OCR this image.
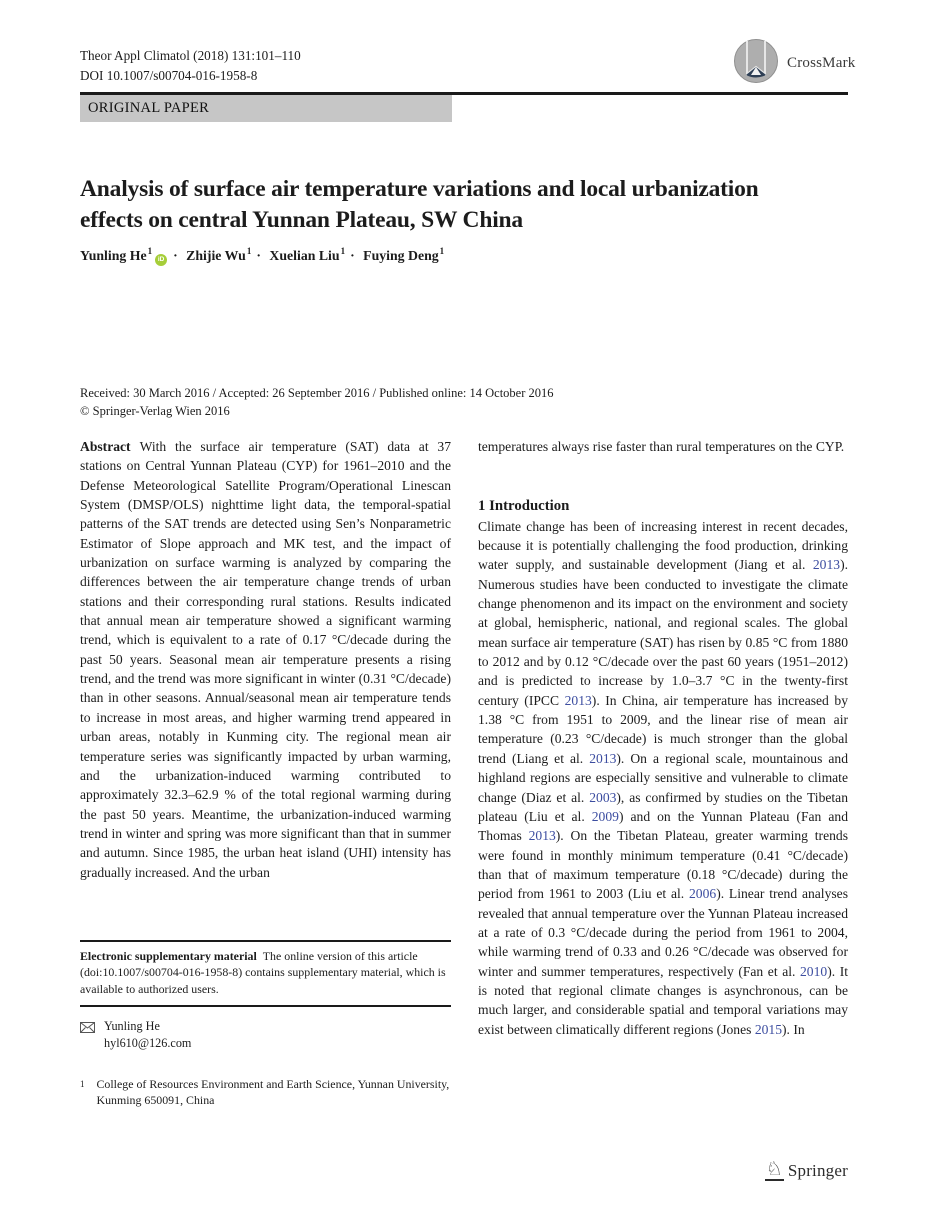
Theor Appl Climatol (2018) 131:101–110
DOI 10.1007/s00704-016-1958-8
CrossMark
ORIGINAL PAPER
Analysis of surface air temperature variations and local urbanization effects on central Yunnan Plateau, SW China
Yunling $He^1iD$ · Zhijie $Wu^1$ · Xuelian Liu$^1$ · Fuying Deng$^1$
Received: 30 March 2016 / Accepted: 26 September 2016 / Published online: 14 October 2016
© Springer-Verlag Wien 2016

Abstract With the surface air temperature (SAT) data at 37 stations on Central Yunnan Plateau (CYP) for 1961–2010 and the Defense Meteorological Satellite Program/Operational Linescan System (DMSP/OLS) nighttime light data, the temporal-spatial patterns of the SAT trends are detected using Sen’s Nonparametric Estimator of Slope approach and MK test, and the impact of urbanization on surface warming is analyzed by comparing the differences between the air temperature change trends of urban stations and their corresponding rural stations. Results indicated that annual mean air temperature showed a significant warming trend, which is equivalent to a rate of 0.17 °C/decade during the past 50 years. Seasonal mean air temperature presents a rising trend, and the trend was more significant in winter (0.31 °C/decade) than in other seasons. Annual/seasonal mean air temperature tends to increase in most areas, and higher warming trend appeared in urban areas, notably in Kunming city. The regional mean air temperature series was significantly impacted by urban warming, and the urbanization-induced warming contributed to approximately 32.3–62.9 % of the total regional warming during the past 50 years. Meantime, the urbanization-induced warming trend in winter and spring was more significant than that in summer and autumn. Since 1985, the urban heat island (UHI) intensity has gradually increased. And the urban

temperatures always rise faster than rural temperatures on the CYP.

1 Introduction

Climate change has been of increasing interest in recent decades, because it is potentially challenging the food production, drinking water supply, and sustainable development (Jiang et al. 2013). Numerous studies have been conducted to investigate the climate change phenomenon and its impact on the environment and society at global, hemispheric, national, and regional scales. The global mean surface air temperature (SAT) has risen by 0.85 °C from 1880 to 2012 and by 0.12 °C/decade over the past 60 years (1951–2012) and is predicted to increase by 1.0–3.7 °C in the twenty-first century (IPCC 2013). In China, air temperature has increased by 1.38 °C from 1951 to 2009, and the linear rise of mean air temperature (0.23 °C/decade) is much stronger than the global trend (Liang et al. 2013). On a regional scale, mountainous and highland regions are especially sensitive and vulnerable to climate change (Diaz et al. 2003), as confirmed by studies on the Tibetan plateau (Liu et al. 2009) and on the Yunnan Plateau (Fan and Thomas 2013). On the Tibetan Plateau, greater warming trends were found in monthly minimum temperature (0.41 °C/decade) than that of maximum temperature (0.18 °C/decade) during the period from 1961 to 2003 (Liu et al. 2006). Linear trend analyses revealed that annual temperature over the Yunnan Plateau increased at a rate of 0.3 °C/decade during the period from 1961 to 2004, while warming trend of 0.33 and 0.26 °C/decade was observed for winter and summer temperatures, respectively (Fan et al. 2010). It is noted that regional climate changes is asynchronous, can be much larger, and considerable spatial and temporal variations may exist between climatically different regions (Jones 2015). In

Electronic supplementary material The online version of this article (doi:10.1007/s00704-016-1958-8) contains supplementary material, which is available to authorized users.
Yunling He
hyl610@126.com
1 College of Resources Environment and Earth Science, Yunnan University, Kunming 650091, China
♘ Springer
